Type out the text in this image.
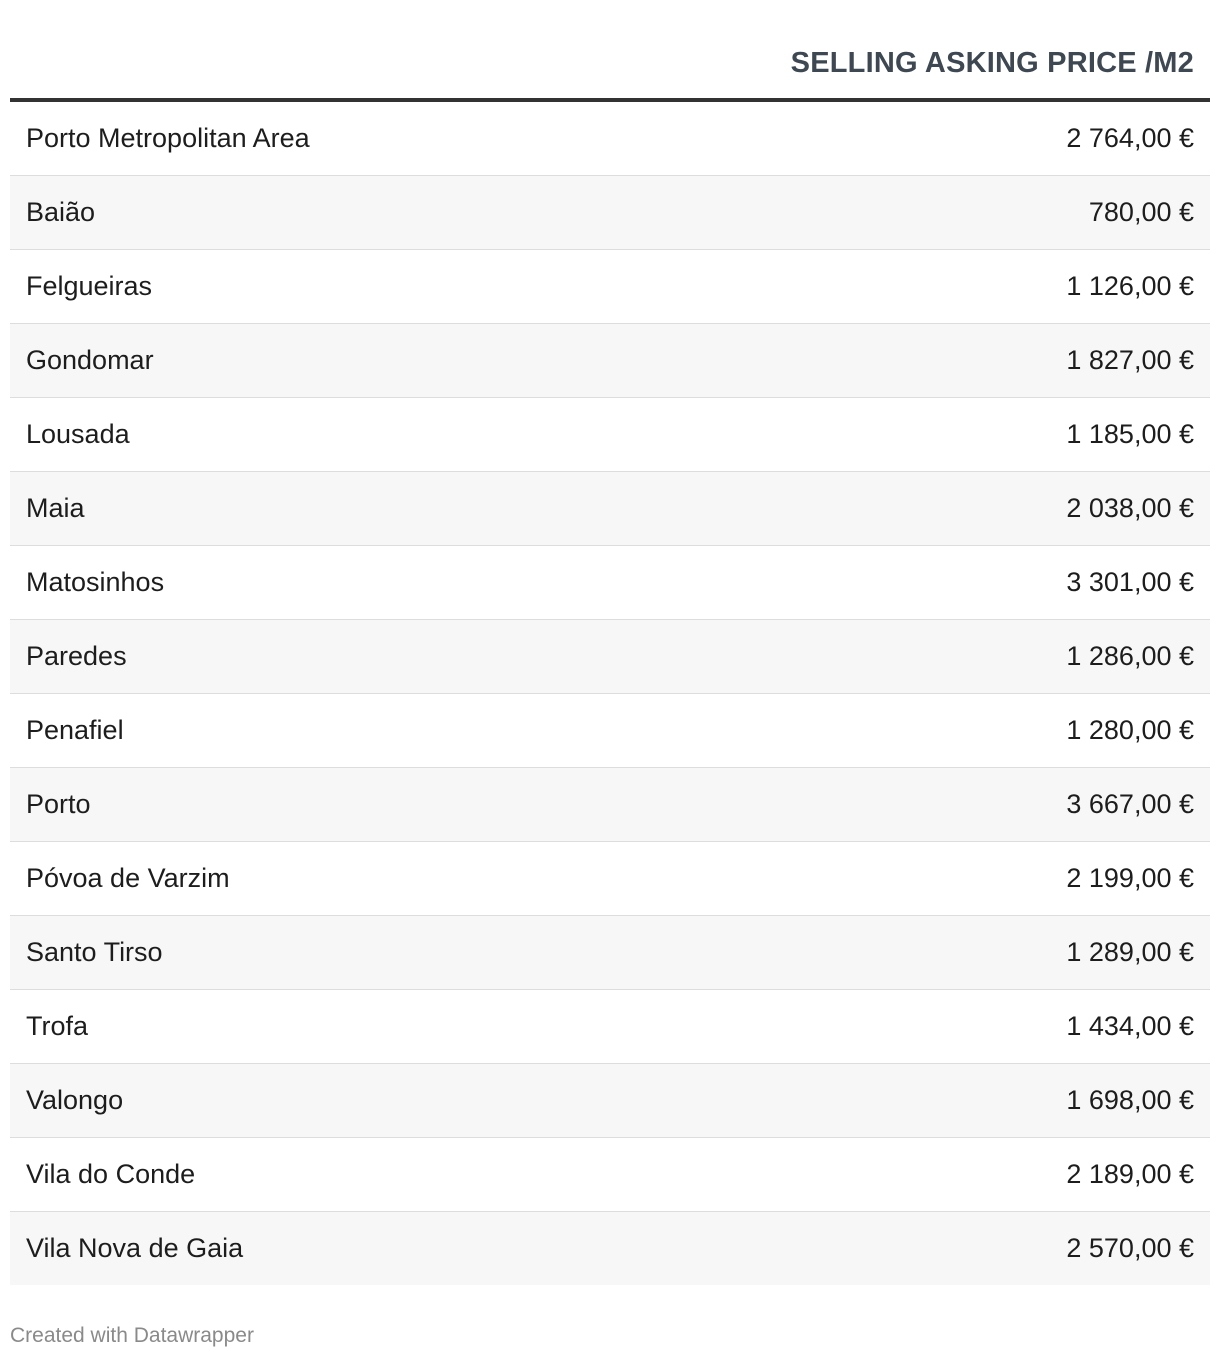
SELLING ASKING PRICE /M2
Porto Metropolitan Area	2 764,00 €
Baião	780,00 €
Felgueiras	1 126,00 €
Gondomar	1 827,00 €
Lousada	1 185,00 €
Maia	2 038,00 €
Matosinhos	3 301,00 €
Paredes	1 286,00 €
Penafiel	1 280,00 €
Porto	3 667,00 €
Póvoa de Varzim	2 199,00 €
Santo Tirso	1 289,00 €
Trofa	1 434,00 €
Valongo	1 698,00 €
Vila do Conde	2 189,00 €
Vila Nova de Gaia	2 570,00 €
Created with Datawrapper
